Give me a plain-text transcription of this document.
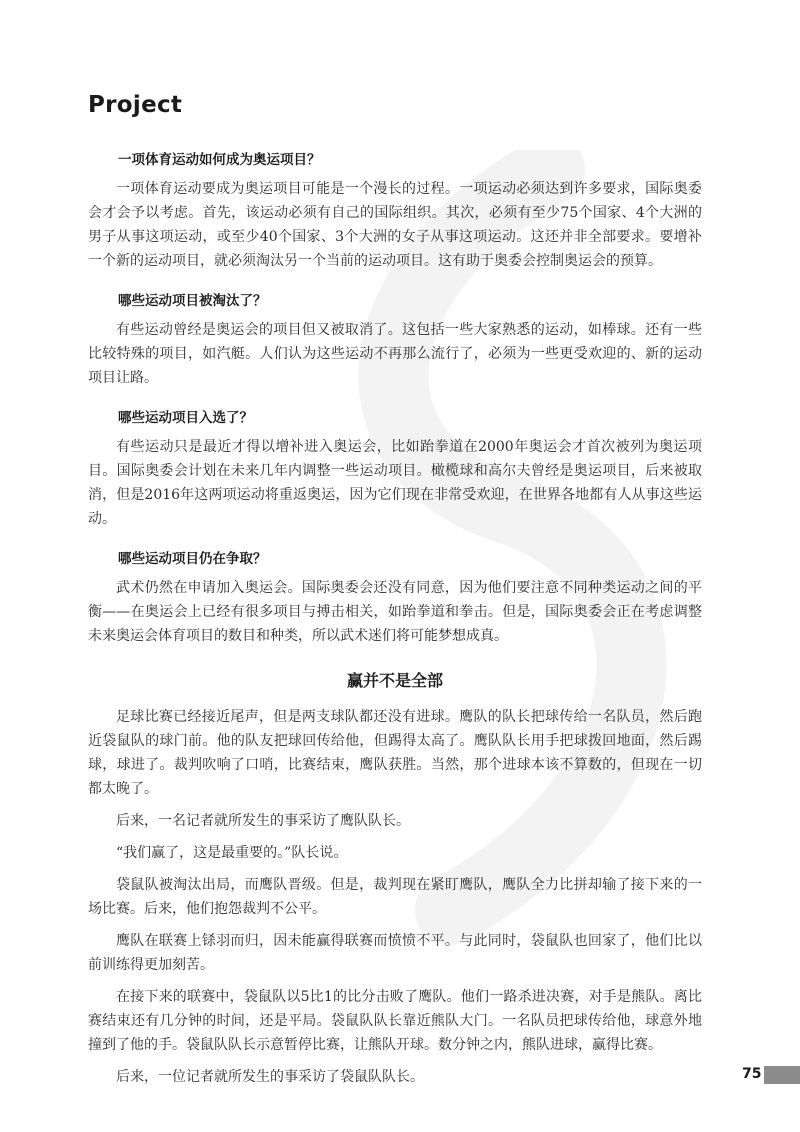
Project
一项体育运动如何成为奥运项目？

一项体育运动要成为奥运项目可能是一个漫长的过程。一项运动必须达到许多要求，国际奥委会才会予以考虑。首先，该运动必须有自己的国际组织。其次，必须有至少75个国家、4个大洲的男子从事这项运动，或至少40个国家、3个大洲的女子从事这项运动。这还并非全部要求。要增补一个新的运动项目，就必须淘汰另一个当前的运动项目。这有助于奥委会控制奥运会的预算。

哪些运动项目被淘汰了？

有些运动曾经是奥运会的项目但又被取消了。这包括一些大家熟悉的运动，如棒球。还有一些比较特殊的项目，如汽艇。人们认为这些运动不再那么流行了，必须为一些更受欢迎的、新的运动项目让路。

哪些运动项目入选了？

有些运动只是最近才得以增补进入奥运会，比如跆拳道在2000年奥运会才首次被列为奥运项目。国际奥委会计划在未来几年内调整一些运动项目。橄榄球和高尔夫曾经是奥运项目，后来被取消，但是2016年这两项运动将重返奥运，因为它们现在非常受欢迎，在世界各地都有人从事这些运动。

哪些运动项目仍在争取？

武术仍然在申请加入奥运会。国际奥委会还没有同意，因为他们要注意不同种类运动之间的平衡——在奥运会上已经有很多项目与搏击相关，如跆拳道和拳击。但是，国际奥委会正在考虑调整未来奥运会体育项目的数目和种类，所以武术迷们将可能梦想成真。

赢并不是全部

足球比赛已经接近尾声，但是两支球队都还没有进球。鹰队的队长把球传给一名队员，然后跑近袋鼠队的球门前。他的队友把球回传给他，但踢得太高了。鹰队队长用手把球拨回地面，然后踢球，球进了。裁判吹响了口哨，比赛结束，鹰队获胜。当然，那个进球本该不算数的，但现在一切都太晚了。

后来，一名记者就所发生的事采访了鹰队队长。

“我们赢了，这是最重要的。”队长说。

袋鼠队被淘汰出局，而鹰队晋级。但是，裁判现在紧盯鹰队，鹰队全力比拼却输了接下来的一场比赛。后来，他们抱怨裁判不公平。

鹰队在联赛上铩羽而归，因未能赢得联赛而愤愤不平。与此同时，袋鼠队也回家了，他们比以前训练得更加刻苦。

在接下来的联赛中，袋鼠队以5比1的比分击败了鹰队。他们一路杀进决赛，对手是熊队。离比赛结束还有几分钟的时间，还是平局。袋鼠队队长靠近熊队大门。一名队员把球传给他，球意外地撞到了他的手。袋鼠队队长示意暂停比赛，让熊队开球。数分钟之内，熊队进球，赢得比赛。

后来，一位记者就所发生的事采访了袋鼠队队长。	75
